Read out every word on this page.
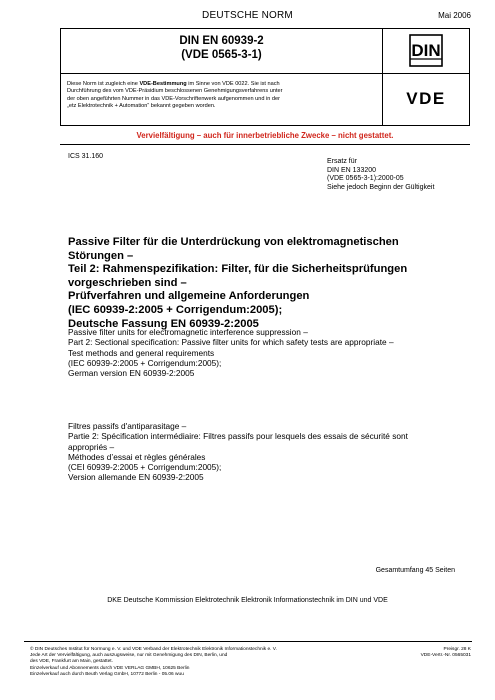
DEUTSCHE NORM	Mai 2006
DIN EN 60939-2
(VDE 0565-3-1)	DIN
Diese Norm ist zugleich eine VDE-Bestimmung im Sinne von VDE 0022. Sie ist nach
Durchführung des vom VDE-Präsidium beschlossenen Genehmigungsverfahrens unter
der oben angeführten Nummer in das VDE-Vorschriftenwerk aufgenommen und in der
„etz Elektrotechnik + Automation“ bekannt gegeben worden.	VDE
Vervielfältigung – auch für innerbetriebliche Zwecke – nicht gestattet.
ICS 31.160
Ersatz für
DIN EN 133200
(VDE 0565-3-1):2000-05
Siehe jedoch Beginn der Gültigkeit
Passive Filter für die Unterdrückung von elektromagnetischen
Störungen –
Teil 2: Rahmenspezifikation: Filter, für die Sicherheitsprüfungen
vorgeschrieben sind –
Prüfverfahren und allgemeine Anforderungen
(IEC 60939-2:2005 + Corrigendum:2005);
Deutsche Fassung EN 60939-2:2005
Passive filter units for electromagnetic interference suppression –
Part 2: Sectional specification: Passive filter units for which safety tests are appropriate –
Test methods and general requirements
(IEC 60939-2:2005 + Corrigendum:2005);
German version EN 60939-2:2005
Filtres passifs d'antiparasitage –
Partie 2: Spécification intermédiaire: Filtres passifs pour lesquels des essais de sécurité sont
appropriés –
Méthodes d’essai et règles générales
(CEI 60939-2:2005 + Corrigendum:2005);
Version allemande EN 60939-2:2005
Gesamtumfang 45 Seiten
DKE Deutsche Kommission Elektrotechnik Elektronik Informationstechnik im DIN und VDE
© DIN Deutsches Institut für Normung e. V. und VDE Verband der Elektrotechnik Elektronik Informationstechnik e. V.
Jede Art der Vervielfältigung, auch auszugsweise, nur mit Genehmigung des DIN, Berlin, und
des VDE, Frankfurt am Main, gestattet.
Einzelverkauf und Abonnements durch VDE VERLAG GMBH, 10625 Berlin
Einzelverkauf auch durch Beuth Verlag GmbH, 10772 Berlin - 05.06 wuu
Preisgr. 28 K
VDE-Vertr.-Nr. 0565031
